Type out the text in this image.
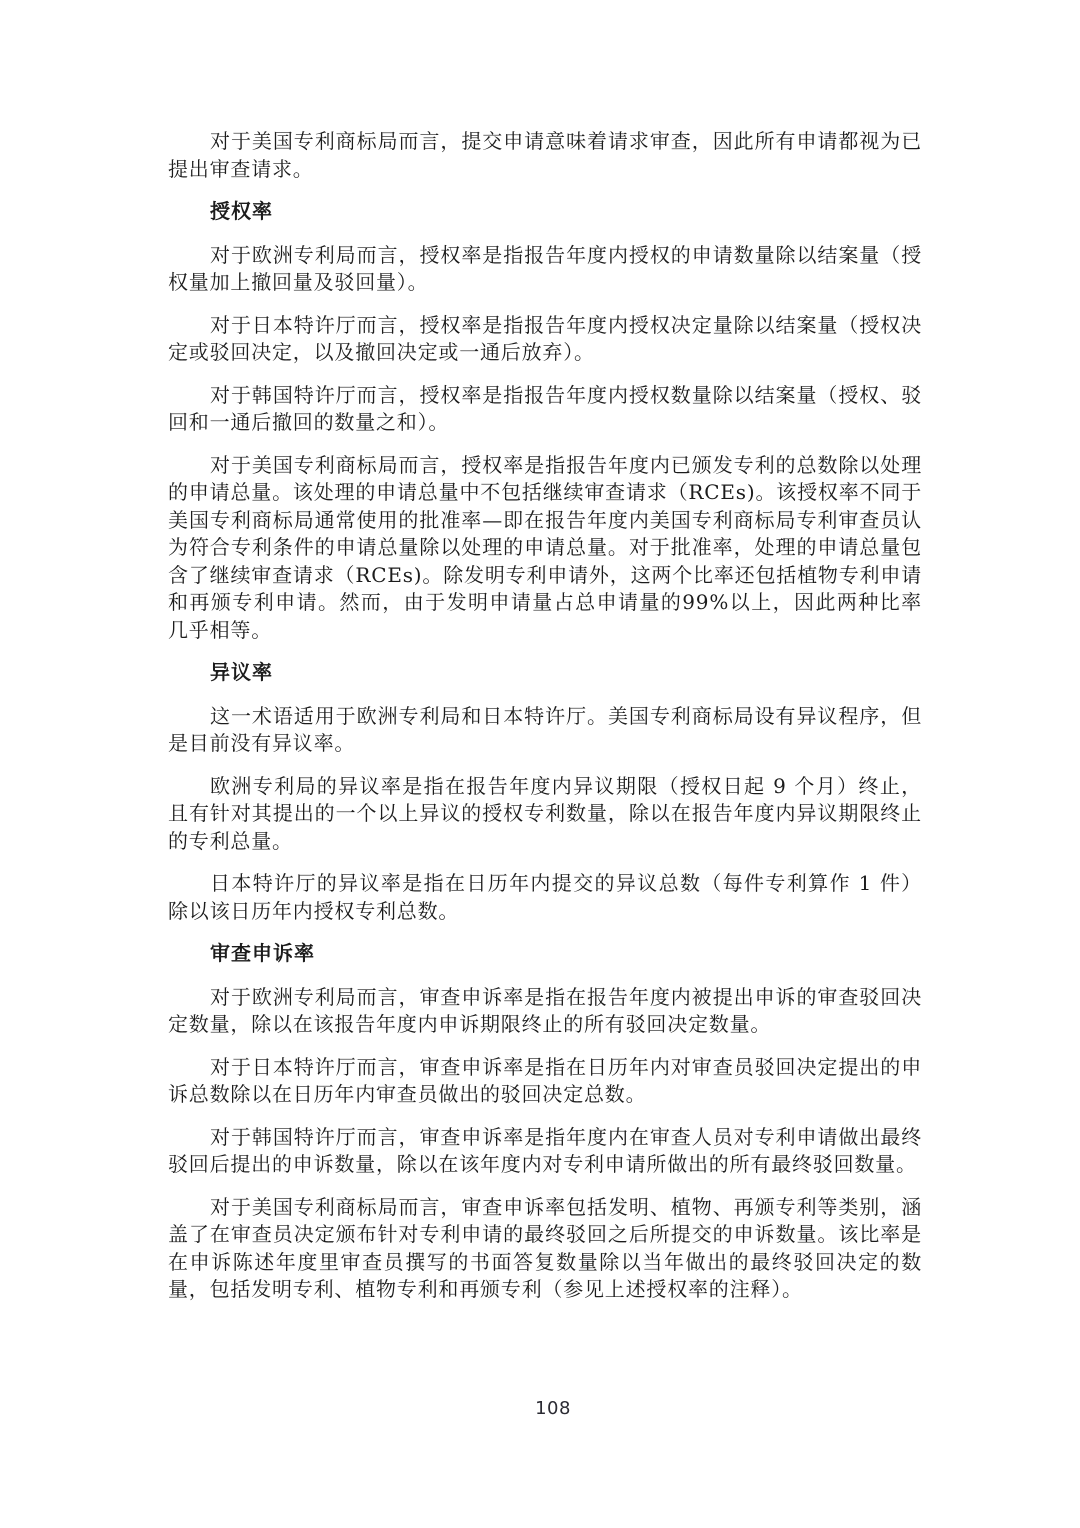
对于美国专利商标局而言，提交申请意味着请求审查，因此所有申请都视为已提出审查请求。

授权率

对于欧洲专利局而言，授权率是指报告年度内授权的申请数量除以结案量（授权量加上撤回量及驳回量）。

对于日本特许厅而言，授权率是指报告年度内授权决定量除以结案量（授权决定或驳回决定，以及撤回决定或一通后放弃）。

对于韩国特许厅而言，授权率是指报告年度内授权数量除以结案量（授权、驳回和一通后撤回的数量之和）。

对于美国专利商标局而言，授权率是指报告年度内已颁发专利的总数除以处理的申请总量。该处理的申请总量中不包括继续审查请求（RCEs)。该授权率不同于美国专利商标局通常使用的批准率—即在报告年度内美国专利商标局专利审查员认为符合专利条件的申请总量除以处理的申请总量。对于批准率，处理的申请总量包含了继续审查请求（RCEs)。除发明专利申请外，这两个比率还包括植物专利申请和再颁专利申请。然而，由于发明申请量占总申请量的99%以上，因此两种比率几乎相等。

异议率

这一术语适用于欧洲专利局和日本特许厅。美国专利商标局设有异议程序，但是目前没有异议率。

欧洲专利局的异议率是指在报告年度内异议期限（授权日起 9 个月）终止，且有针对其提出的一个以上异议的授权专利数量，除以在报告年度内异议期限终止的专利总量。

日本特许厅的异议率是指在日历年内提交的异议总数（每件专利算作 1 件）除以该日历年内授权专利总数。

审查申诉率

对于欧洲专利局而言，审查申诉率是指在报告年度内被提出申诉的审查驳回决定数量，除以在该报告年度内申诉期限终止的所有驳回决定数量。

对于日本特许厅而言，审查申诉率是指在日历年内对审查员驳回决定提出的申诉总数除以在日历年内审查员做出的驳回决定总数。

对于韩国特许厅而言，审查申诉率是指年度内在审查人员对专利申请做出最终驳回后提出的申诉数量，除以在该年度内对专利申请所做出的所有最终驳回数量。

对于美国专利商标局而言，审查申诉率包括发明、植物、再颁专利等类别，涵盖了在审查员决定颁布针对专利申请的最终驳回之后所提交的申诉数量。该比率是在申诉陈述年度里审查员撰写的书面答复数量除以当年做出的最终驳回决定的数量，包括发明专利、植物专利和再颁专利（参见上述授权率的注释）。

108
